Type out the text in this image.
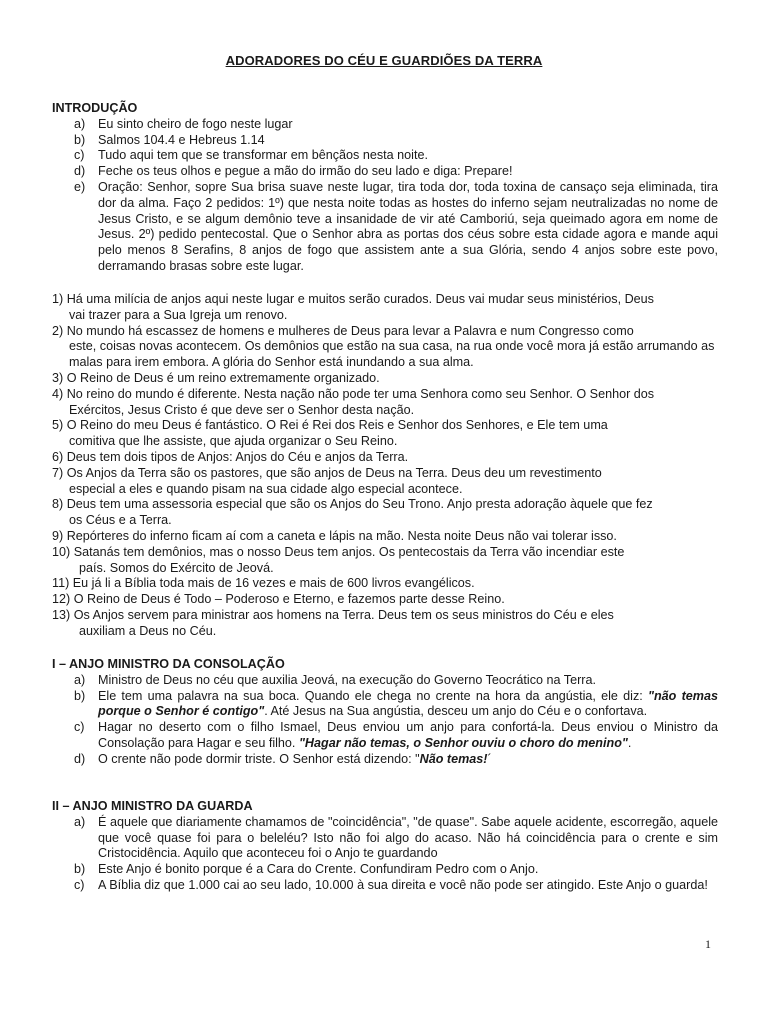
ADORADORES DO CÉU E GUARDIÕES DA TERRA
INTRODUÇÃO
a) Eu sinto cheiro de fogo neste lugar
b) Salmos 104.4 e Hebreus 1.14
c) Tudo aqui tem que se transformar em bênçãos nesta noite.
d) Feche os teus olhos e pegue a mão do irmão do seu lado e diga: Prepare!
e) Oração: Senhor, sopre Sua brisa suave neste lugar, tira toda dor, toda toxina de cansaço seja eliminada, tira dor da alma. Faço 2 pedidos: 1º) que nesta noite todas as hostes do inferno sejam neutralizadas no nome de Jesus Cristo, e se algum demônio teve a insanidade de vir até Camboriú, seja queimado agora em nome de Jesus. 2º) pedido pentecostal. Que o Senhor abra as portas dos céus sobre esta cidade agora e mande aqui pelo menos 8 Serafins, 8 anjos de fogo que assistem ante a sua Glória, sendo 4 anjos sobre este povo, derramando brasas sobre este lugar.
1) Há uma milícia de anjos aqui neste lugar e muitos serão curados. Deus vai mudar seus ministérios, Deus
vai trazer para a Sua Igreja um renovo.
2) No mundo há escassez de homens e mulheres de Deus para levar a Palavra e num Congresso como
este, coisas novas acontecem. Os demônios que estão na sua casa, na rua onde você mora já estão arrumando as malas para irem embora. A glória do Senhor está inundando a sua alma.
3) O Reino de Deus é um reino extremamente organizado.
4) No reino do mundo é diferente. Nesta nação não pode ter uma Senhora como seu Senhor. O Senhor dos
Exércitos, Jesus Cristo é que deve ser o Senhor desta nação.
5) O Reino do meu Deus é fantástico. O Rei é Rei dos Reis e Senhor dos Senhores, e Ele tem uma
comitiva que lhe assiste, que ajuda organizar o Seu Reino.
6) Deus tem dois tipos de Anjos: Anjos do Céu e anjos da Terra.
7) Os Anjos da Terra são os pastores, que são anjos de Deus na Terra. Deus deu um revestimento
especial a eles e quando pisam na sua cidade algo especial acontece.
8) Deus tem uma assessoria especial que são os Anjos do Seu Trono. Anjo presta adoração àquele que fez
os Céus e a Terra.
9) Repórteres do inferno ficam aí com a caneta e lápis na mão. Nesta noite Deus não vai tolerar isso.
10) Satanás tem demônios, mas o nosso Deus tem anjos. Os pentecostais da Terra vão incendiar este
país. Somos do Exército de Jeová.
11) Eu já li a Bíblia toda mais de 16 vezes e mais de 600 livros evangélicos.
12) O Reino de Deus é Todo – Poderoso e Eterno, e fazemos parte desse Reino.
13) Os Anjos servem para ministrar aos homens na Terra. Deus tem os seus ministros do Céu e eles
auxiliam a Deus no Céu.
I – ANJO MINISTRO DA CONSOLAÇÃO
a) Ministro de Deus no céu que auxilia Jeová, na execução do Governo Teocrático na Terra.
b) Ele tem uma palavra na sua boca. Quando ele chega no crente na hora da angústia, ele diz: "não temas porque o Senhor é contigo". Até Jesus na Sua angústia, desceu um anjo do Céu e o confortava.
c) Hagar no deserto com o filho Ismael, Deus enviou um anjo para confortá-la. Deus enviou o Ministro da Consolação para Hagar e seu filho. "Hagar não temas, o Senhor ouviu o choro do menino".
d) O crente não pode dormir triste. O Senhor está dizendo: "Não temas!´
II – ANJO MINISTRO DA GUARDA
a) É aquele que diariamente chamamos de "coincidência", "de quase". Sabe aquele acidente, escorregão, aquele que você quase foi para o beleléu? Isto não foi algo do acaso. Não há coincidência para o crente e sim Cristocidência. Aquilo que aconteceu foi o Anjo te guardando
b) Este Anjo é bonito porque é a Cara do Crente. Confundiram Pedro com o Anjo.
c) A Bíblia diz que 1.000 cai ao seu lado, 10.000 à sua direita e você não pode ser atingido. Este Anjo o guarda!
1
